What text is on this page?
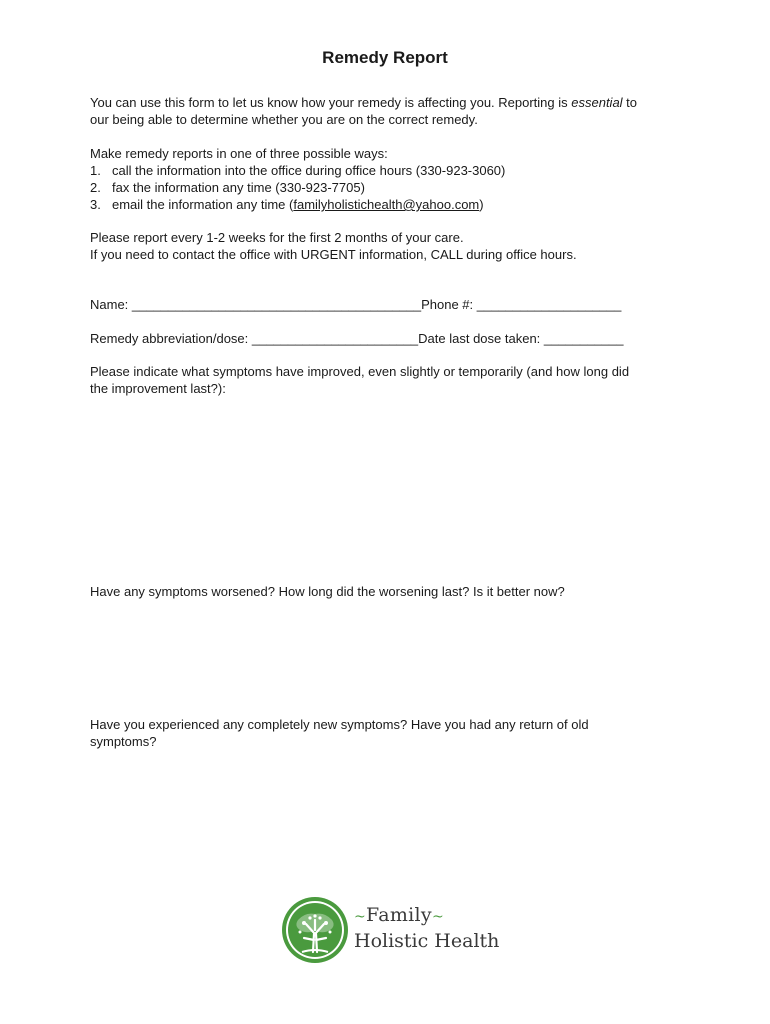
Remedy Report
You can use this form to let us know how your remedy is affecting you. Reporting is essential to
our being able to determine whether you are on the correct remedy.
Make remedy reports in one of three possible ways:
1. call the information into the office during office hours (330-923-3060)
2. fax the information any time (330-923-7705)
3. email the information any time (familyholistichealth@yahoo.com)
Please report every 1-2 weeks for the first 2 months of your care.
If you need to contact the office with URGENT information, CALL during office hours.
Name: ________________________________________Phone #: ____________________
Remedy abbreviation/dose: _______________________Date last dose taken: ___________
Please indicate what symptoms have improved, even slightly or temporarily (and how long did
the improvement last?):
Have any symptoms worsened? How long did the worsening last? Is it better now?
Have you experienced any completely new symptoms? Have you had any return of old
symptoms?
~Family~
Holistic Health
